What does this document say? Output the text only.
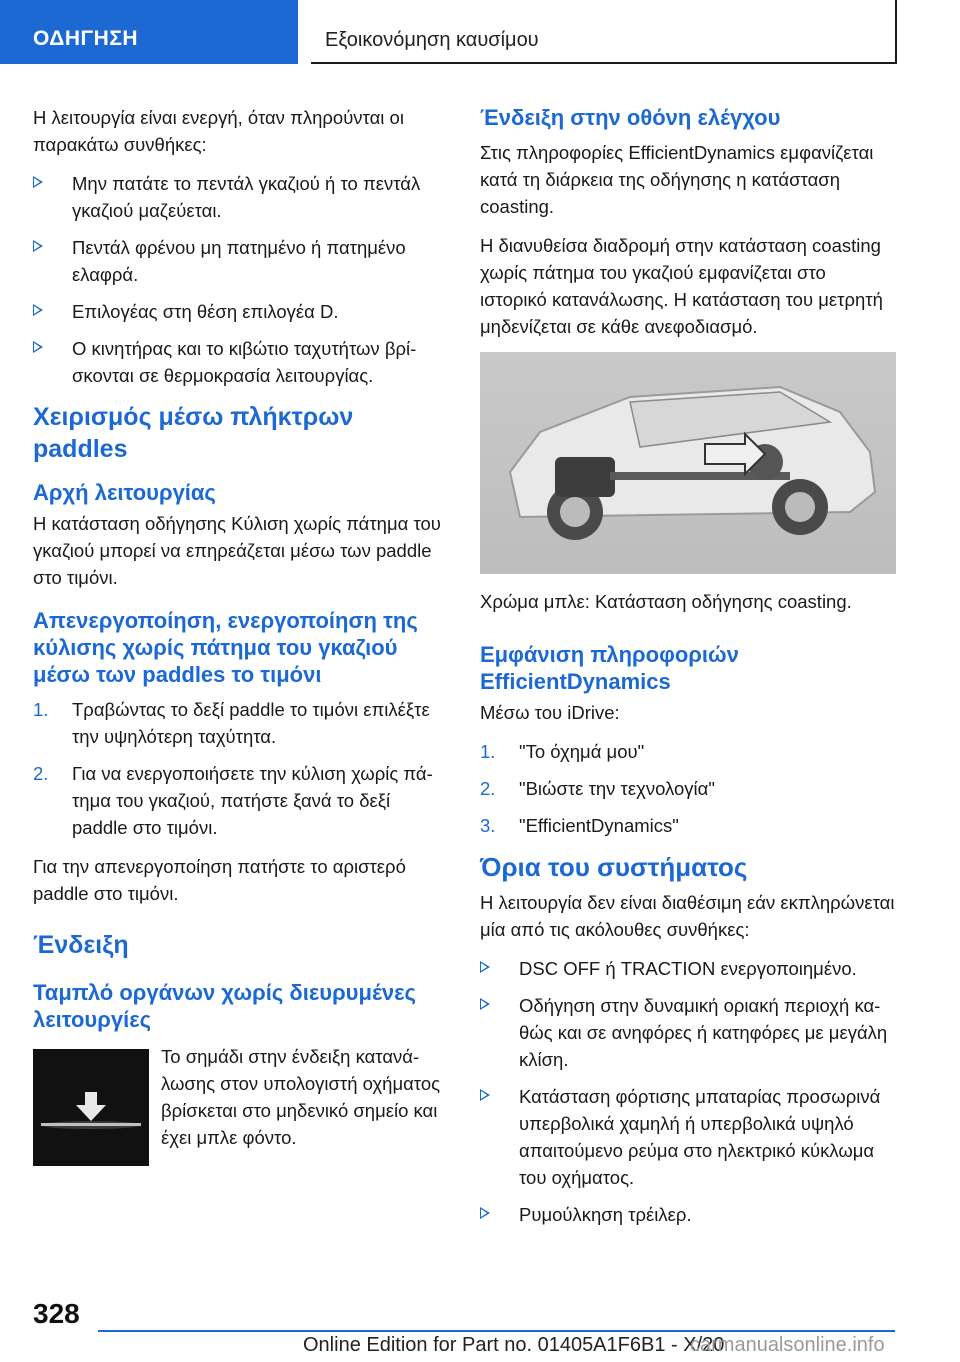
ΟΔΗΓΗΣΗ	Εξοικονόμηση καυσίμου

Η λειτουργία είναι ενεργή, όταν πληρούνται οι παρακάτω συνθήκες:

Μην πατάτε το πεντάλ γκαζιού ή το πεντάλ γκαζιού μαζεύεται.
Πεντάλ φρένου μη πατημένο ή πατημένο ελαφρά.
Επιλογέας στη θέση επιλογέα D.
Ο κινητήρας και το κιβώτιο ταχυτήτων βρίσκονται σε θερμοκρασία λειτουργίας.
Χειρισμός μέσω πλήκτρων paddles
Αρχή λειτουργίας

Η κατάσταση οδήγησης Κύλιση χωρίς πάτημα του γκαζιού μπορεί να επηρεάζεται μέσω των paddle στο τιμόνι.

Απενεργοποίηση, ενεργοποίηση της κύλισης χωρίς πάτημα του γκαζιού μέσω των paddles το τιμόνι
1. Τραβώντας το δεξί paddle το τιμόνι επιλέξτε την υψηλότερη ταχύτητα.
2. Για να ενεργοποιήσετε την κύλιση χωρίς πάτημα του γκαζιού, πατήστε ξανά το δεξί paddle στο τιμόνι.

Για την απενεργοποίηση πατήστε το αριστερό paddle στο τιμόνι.

Ένδειξη
Ταμπλό οργάνων χωρίς διευρυμένες λειτουργίες

Το σημάδι στην ένδειξη κατανάλωσης στον υπολογιστή οχήματος βρίσκεται στο μηδενικό σημείο και έχει μπλε φόντο.

Ένδειξη στην οθόνη ελέγχου

Στις πληροφορίες EfficientDynamics εμφανίζεται κατά τη διάρκεια της οδήγησης η κατάσταση coasting.

Η διανυθείσα διαδρομή στην κατάσταση coasting χωρίς πάτημα του γκαζιού εμφανίζεται στο ιστορικό κατανάλωσης. Η κατάσταση του μετρητή μηδενίζεται σε κάθε ανεφοδιασμό.

Χρώμα μπλε: Κατάσταση οδήγησης coasting.

Εμφάνιση πληροφοριών EfficientDynamics

Μέσω του iDrive:

1. "Το όχημά μου"
2. "Βιώστε την τεχνολογία"
3. "EfficientDynamics"
Όρια του συστήματος

Η λειτουργία δεν είναι διαθέσιμη εάν εκπληρώνεται μία από τις ακόλουθες συνθήκες:

DSC OFF ή TRACTION ενεργοποιημένο.
Οδήγηση στην δυναμική οριακή περιοχή καθώς και σε ανηφόρες ή κατηφόρες με μεγάλη κλίση.
Κατάσταση φόρτισης μπαταρίας προσωρινά υπερβολικά χαμηλή ή υπερβολικά υψηλό απαιτούμενο ρεύμα στο ηλεκτρικό κύκλωμα του οχήματος.
Ρυμούλκηση τρέιλερ.
328
Online Edition for Part no. 01405A1F6B1 - X/20
carmanualsonline.info
